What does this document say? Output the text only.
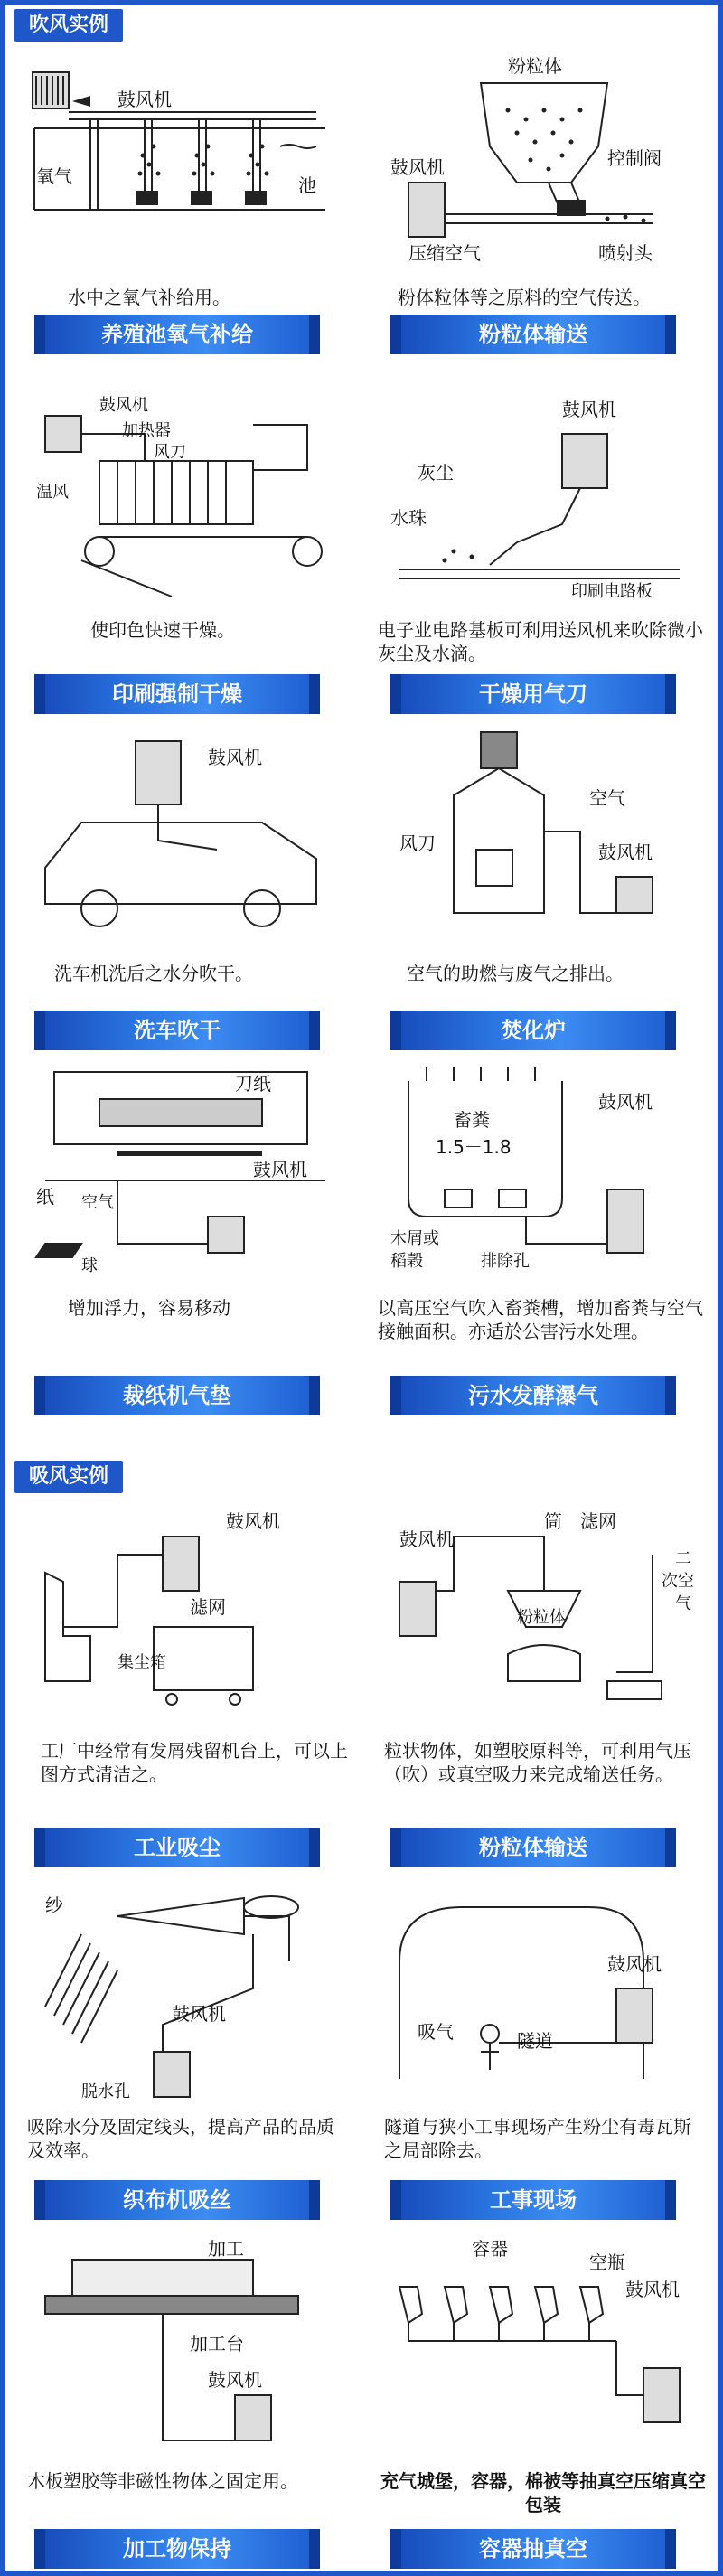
吹风实例
鼓风机
氧气	池
水中之氧气补给用。
养殖池氧气补给
粉粒体
鼓风机	控制阀
压缩空气	喷射头
粉体粒体等之原料的空气传送。
粉粒体输送
鼓风机
加热器
风刀
温风
使印色快速干燥。
印刷强制干燥
鼓风机
灰尘
水珠
印刷电路板
电子业电路基板可利用送风机来吹除微小灰尘及水滴。
干燥用气刀
鼓风机
洗车机洗后之水分吹干。
洗车吹干
空气
风刀	鼓风机
空气的助燃与废气之排出。
焚化炉
刀纸
纸 空气
球
鼓风机
增加浮力，容易移动
裁纸机气垫
畜粪
1.5－1.8
鼓风机
木屑或
稻榖	排除孔
以高压空气吹入畜粪槽，增加畜粪与空气接触面积。亦适於公害污水处理。
污水发酵瀑气
吸风实例
鼓风机
滤网
集尘箱
工厂中经常有发屑残留机台上，可以上图方式清洁之。
工业吸尘
筒 滤网
鼓风机
粉粒体
二
次空
气
粒状物体，如塑胶原料等，可利用气压（吹）或真空吸力来完成输送任务。
粉粒体输送
纱
鼓风机
脱水孔
吸除水分及固定线头，提高产品的品质及效率。
织布机吸丝
鼓风机
吸气	隧道
隧道与狭小工事现场产生粉尘有毒瓦斯之局部除去。
工事现场
加工
加工台
鼓风机
木板塑胶等非磁性物体之固定用。
加工物保持
容器
空瓶
鼓风机
充气城堡，容器，棉被等抽真空压缩真空包装
容器抽真空
